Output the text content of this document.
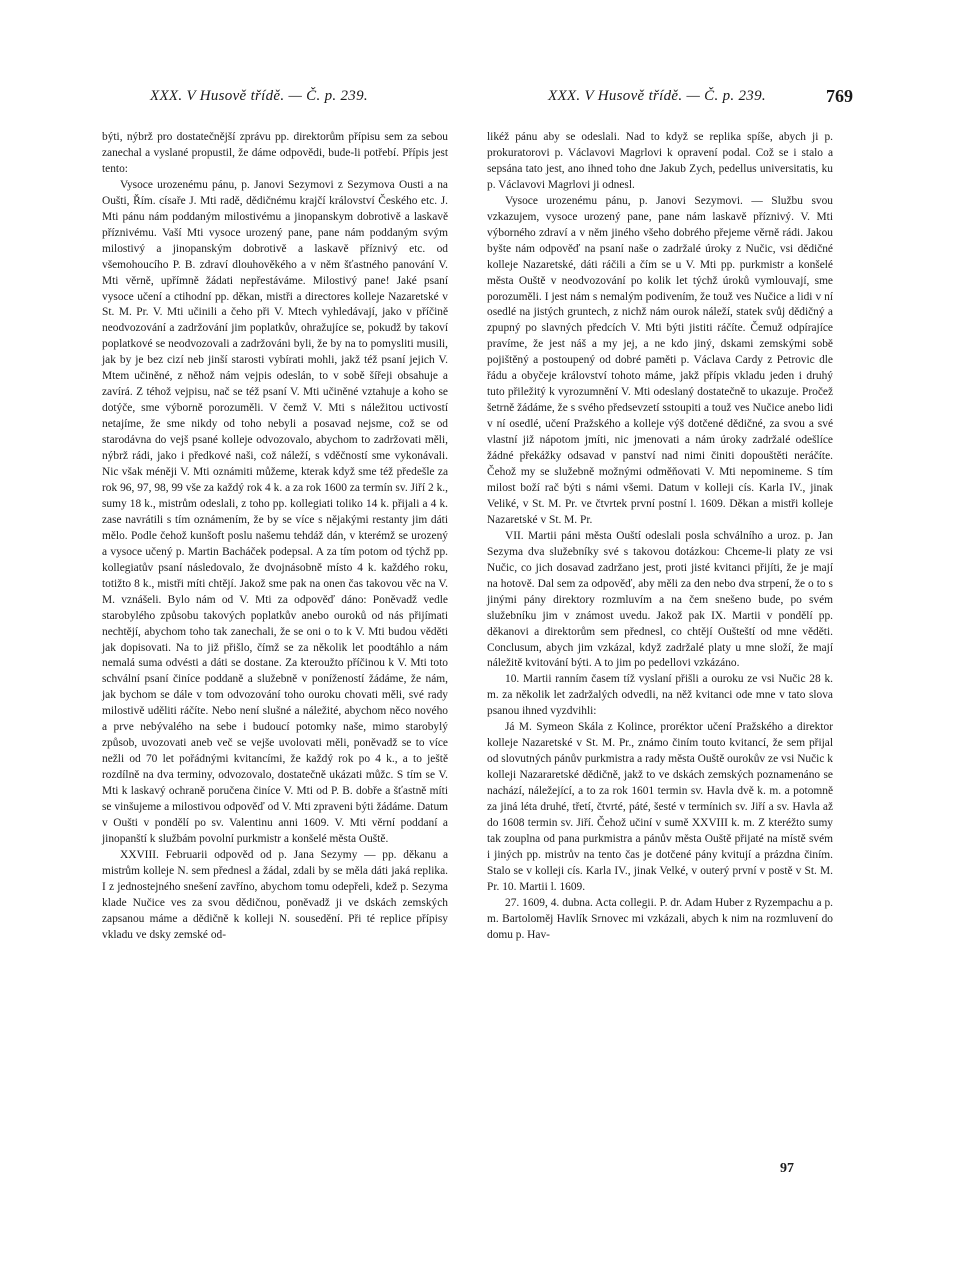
XXX. V Husově třídě. — Č. p. 239.	XXX. V Husově třídě. — Č. p. 239.	769

býti, nýbrž pro dostatečnější zprávu pp. direktorům přípisu sem za sebou zanechal a vyslané propustil, že dáme odpovědi, bude-li potřebí. Přípis jest tento:

Vysoce urozenému pánu, p. Janovi Sezymovi z Sezymova Ousti a na Oušti, Řím. císaře J. Mti radě, dědičnému krajčí království Českého etc. J. Mti pánu nám poddaným milostivému a jinopanskym dobrotivě a laskavě příznivému. Vaší Mti vysoce urozený pane, pane nám poddaným svým milostivý a jinopanským dobrotivě a laskavě příznivý etc. od všemohoucího P. B. zdraví dlouhověkého a v něm šťastného panování V. Mti věrně, upřímně žádati nepřestáváme. Milostivý pane! Jaké psaní vysoce učení a ctihodní pp. děkan, mistři a directores kolleje Nazaretské v St. M. Pr. V. Mti učinili a čeho při V. Mtech vyhledávají, jako v příčině neodvozování a zadržování jim poplatkův, ohražujíce se, pokudž by takoví poplatkové se neodvozovali a zadržováni byli, že by na to pomysliti musili, jak by je bez cizí neb jinší starosti vybírati mohli, jakž též psaní jejich V. Mtem učiněné, z něhož nám vejpis odeslán, to v sobě šířeji obsahuje a zavírá. Z téhož vejpisu, nač se též psaní V. Mti učiněné vztahuje a koho se dotýče, sme výborně porozuměli. V čemž V. Mti s náležitou uctivostí netajíme, že sme nikdy od toho nebyli a posavad nejsme, což se od starodávna do vejš psané kolleje odvozovalo, abychom to zadržovati měli, nýbrž rádi, jako i předkové naši, což náleží, s vděčností sme vykonávali. Nic však méněji V. Mti oznámiti můžeme, kterak když sme též předešle za rok 96, 97, 98, 99 vše za každý rok 4 k. a za rok 1600 za termín sv. Jiří 2 k., sumy 18 k., mistrům odeslali, z toho pp. kollegiati toliko 14 k. přijali a 4 k. zase navrátili s tím oznámením, že by se více s nějakými restanty jim dáti mělo. Podle čehož kunšoft poslu našemu tehdáž dán, v kterémž se urozený a vysoce učený p. Martin Bacháček podepsal. A za tím potom od týchž pp. kollegiatův psaní následovalo, že dvojnásobně místo 4 k. každého roku, totižto 8 k., mistři míti chtějí. Jakož sme pak na onen čas takovou věc na V. M. vznášeli. Bylo nám od V. Mti za odpověď dáno: Poněvadž vedle starobylého způsobu takových poplatkův anebo ouroků od nás přijímati nechtějí, abychom toho tak zanechali, že se oni o to k V. Mti budou věděti jak dopisovati. Na to již přišlo, čímž se za několik let poodtáhlo a nám nemalá suma odvésti a dáti se dostane. Za kteroužto příčinou k V. Mti toto schvální psaní činíce poddaně a služebně v ponížeností žádáme, že nám, jak bychom se dále v tom odvozování toho ouroku chovati měli, své rady milostivě uděliti ráčíte. Nebo není slušné a náležité, abychom něco nového a prve nebývalého na sebe i budoucí potomky naše, mimo starobylý způsob, uvozovati aneb več se vejše uvolovati měli, poněvadž se to více nežli od 70 let pořádnými kvitancími, že každý rok po 4 k., a to ještě rozdílně na dva terminy, odvozovalo, dostatečně ukázati můžc. S tím se V. Mti k laskavý ochraně poručena činíce V. Mti od P. B. dobře a šťastně míti se vinšujeme a milostivou odpověď od V. Mti zpraveni býti žádáme. Datum v Oušti v pondělí po sv. Valentinu anni 1609. V. Mti věrní poddaní a jinopanští k službám povolní purkmistr a konšelé města Ouště.

XXVIII. Februarii odpověd od p. Jana Sezymy — pp. děkanu a mistrům kolleje N. sem přednesl a žádal, zdali by se měla dáti jaká replika. I z jednostejného snešení zavříno, abychom tomu odepřeli, kdež p. Sezyma klade Nučice ves za svou dědičnou, poněvadž ji ve dskách zemských zapsanou máme a dědičně k kolleji N. sousedění. Při té replice přípisy vkladu ve dsky zemské od-

likéž pánu aby se odeslali. Nad to když se replika spíše, abych ji p. prokuratorovi p. Václavovi Magrlovi k opravení podal. Což se i stalo a sepsána tato jest, ano ihned toho dne Jakub Zych, pedellus universitatis, ku p. Václavovi Magrlovi ji odnesl.

Vysoce urozenému pánu, p. Janovi Sezymovi. — Službu svou vzkazujem, vysoce urozený pane, pane nám laskavě příznivý. V. Mti výborného zdraví a v něm jiného všeho dobrého přejeme věrně rádi. Jakou byšte nám odpověď na psaní naše o zadržalé úroky z Nučic, vsi dědičné kolleje Nazaretské, dáti ráčili a čím se u V. Mti pp. purkmistr a konšelé města Ouště v neodvozování po kolik let týchž úroků vymlouvají, sme porozuměli. I jest nám s nemalým podivením, že touž ves Nučice a lidi v ní osedlé na jistých gruntech, z nichž nám ourok náleží, statek svůj dědičný a zpupný po slavných předcích V. Mti býti jistiti ráčíte. Čemuž odpírajíce pravíme, že jest náš a my jej, a ne kdo jiný, dskami zemskými sobě pojištěný a postoupený od dobré paměti p. Václava Cardy z Petrovic dle řádu a obyčeje království tohoto máme, jakž přípis vkladu jeden i druhý tuto přiležitý k vyrozumnění V. Mti odeslaný dostatečně to ukazuje. Pročež šetrně žádáme, že s svého předsevzetí sstoupiti a touž ves Nučice anebo lidi v ní osedlé, učení Pražského a kolleje výš dotčené dědičné, za svou a své vlastní již nápotom jmíti, nic jmenovati a nám úroky zadržalé odešlíce žádné překážky odsavad v panství nad nimi činiti dopouštěti neráčíte. Čehož my se služebně možnými odměňovati V. Mti nepomineme. S tím milost boží rač býti s námi všemi. Datum v kolleji cís. Karla IV., jinak Veliké, v St. M. Pr. ve čtvrtek první postní l. 1609. Děkan a mistři kolleje Nazaretské v St. M. Pr.

VII. Martii páni města Ouští odeslali posla schválního a uroz. p. Jan Sezyma dva služebníky své s takovou dotázkou: Chceme-li platy ze vsi Nučic, co jich dosavad zadržano jest, proti jisté kvitanci přijíti, že je mají na hotově. Dal sem za odpověď, aby měli za den nebo dva strpení, že o to s jinými pány direktory rozmluvím a na čem snešeno bude, po svém služebníku jim v známost uvedu. Jakož pak IX. Martii v pondělí pp. děkanovi a direktorům sem přednesl, co chtějí Oušteští od mne věděti. Conclusum, abych jim vzkázal, když zadržalé platy u mne složí, že mají náležitě kvitování býti. A to jim po pedellovi vzkázáno.

10. Martii ranním časem tíž vyslaní přišli a ouroku ze vsi Nučic 28 k. m. za několik let zadržalých odvedli, na něž kvitanci ode mne v tato slova psanou ihned vyzdvihli:

Já M. Symeon Skála z Kolince, proréktor učení Pražského a direktor kolleje Nazaretské v St. M. Pr., známo činím touto kvitancí, že sem přijal od slovutných pánův purkmistra a rady města Ouště ourokův ze vsi Nučic k kolleji Nazararetské dědičně, jakž to ve dskách zemských poznamenáno se nachází, náležející, a to za rok 1601 termin sv. Havla dvě k. m. a potomně za jiná léta druhé, třetí, čtvrté, páté, šesté v termínich sv. Jiří a sv. Havla až do 1608 termin sv. Jiří. Čehož učiní v sumě XXVIII k. m. Z kteréžto sumy tak zouplna od pana purkmistra a pánův města Ouště přijaté na místě svém i jiných pp. mistrův na tento čas je dotčené pány kvitují a prázdna činím. Stalo se v kolleji cís. Karla IV., jinak Velké, v outerý první v postě v St. M. Pr. 10. Martii l. 1609.

27. 1609, 4. dubna. Acta collegii. P. dr. Adam Huber z Ryzempachu a p. m. Bartoloměj Havlík Srnovec mi vzkázali, abych k nim na rozmluvení do domu p. Hav-

97
